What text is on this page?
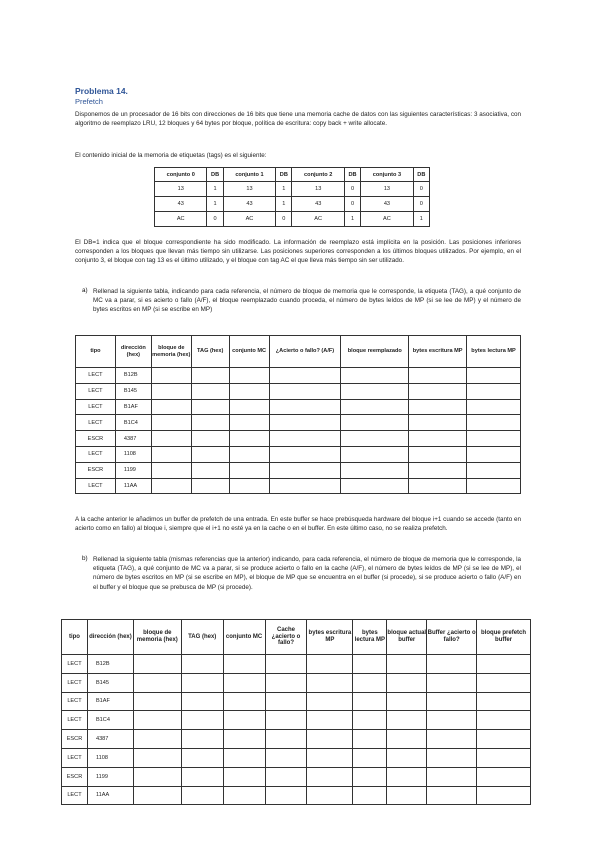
Problema 14.
Prefetch
Disponemos de un procesador de 16 bits con direcciones de 16 bits que tiene una memoria cache de datos con las siguientes características: 3 asociativa, con algoritmo de reemplazo LRU, 12 bloques y 64 bytes por bloque, política de escritura: copy back + write allocate.
El contenido inicial de la memoria de etiquetas (tags) es el siguiente:
conjunto 0	DB	conjunto 1	DB	conjunto 2	DB	conjunto 3	DB
13	1	13	1	13	0	13	0
43	1	43	1	43	0	43	0
AC	0	AC	0	AC	1	AC	1
El DB=1 indica que el bloque correspondiente ha sido modificado. La información de reemplazo está implícita en la posición. Las posiciones inferiores corresponden a los bloques que llevan más tiempo sin utilizarse. Las posiciones superiores corresponden a los últimos bloques utilizados. Por ejemplo, en el conjunto 3, el bloque con tag 13 es el último utilizado, y el bloque con tag AC el que lleva más tiempo sin ser utilizado.
a) Rellenad la siguiente tabla, indicando para cada referencia, el número de bloque de memoria que le corresponde, la etiqueta (TAG), a qué conjunto de MC va a parar, si es acierto o fallo (A/F), el bloque reemplazado cuando proceda, el número de bytes leídos de MP (si se lee de MP) y el número de bytes escritos en MP (si se escribe en MP)
tipo	dirección (hex)	bloque de memoria (hex)	TAG (hex)	conjunto MC	¿Acierto o fallo? (A/F)	bloque reemplazado	bytes escritura MP	bytes lectura MP
LECT	B12B							
LECT	B145							
LECT	B1AF							
LECT	B1C4							
ESCR	4387							
LECT	1108							
ESCR	1199							
LECT	11AA							
A la cache anterior le añadimos un buffer de prefetch de una entrada. En este buffer se hace prebúsqueda hardware del bloque i+1 cuando se accede (tanto en acierto como en fallo) al bloque i, siempre que el i+1 no esté ya en la cache o en el buffer. En este último caso, no se realiza prefetch.
b) Rellenad la siguiente tabla (mismas referencias que la anterior) indicando, para cada referencia, el número de bloque de memoria que le corresponde, la etiqueta (TAG), a qué conjunto de MC va a parar, si se produce acierto o fallo en la cache (A/F), el número de bytes leídos de MP (si se lee de MP), el número de bytes escritos en MP (si se escribe en MP), el bloque de MP que se encuentra en el buffer (si procede), si se produce acierto o fallo (A/F) en el buffer y el bloque que se prebusca de MP (si procede).
tipo	dirección (hex)	bloque de memoria (hex)	TAG (hex)	conjunto MC	Cache ¿acierto o fallo?	bytes escritura MP	bytes lectura MP	bloque actual buffer	Buffer ¿acierto o fallo?	bloque prefetch buffer
LECT	B12B									
LECT	B145									
LECT	B1AF									
LECT	B1C4									
ESCR	4387									
LECT	1108									
ESCR	1199									
LECT	11AA									
